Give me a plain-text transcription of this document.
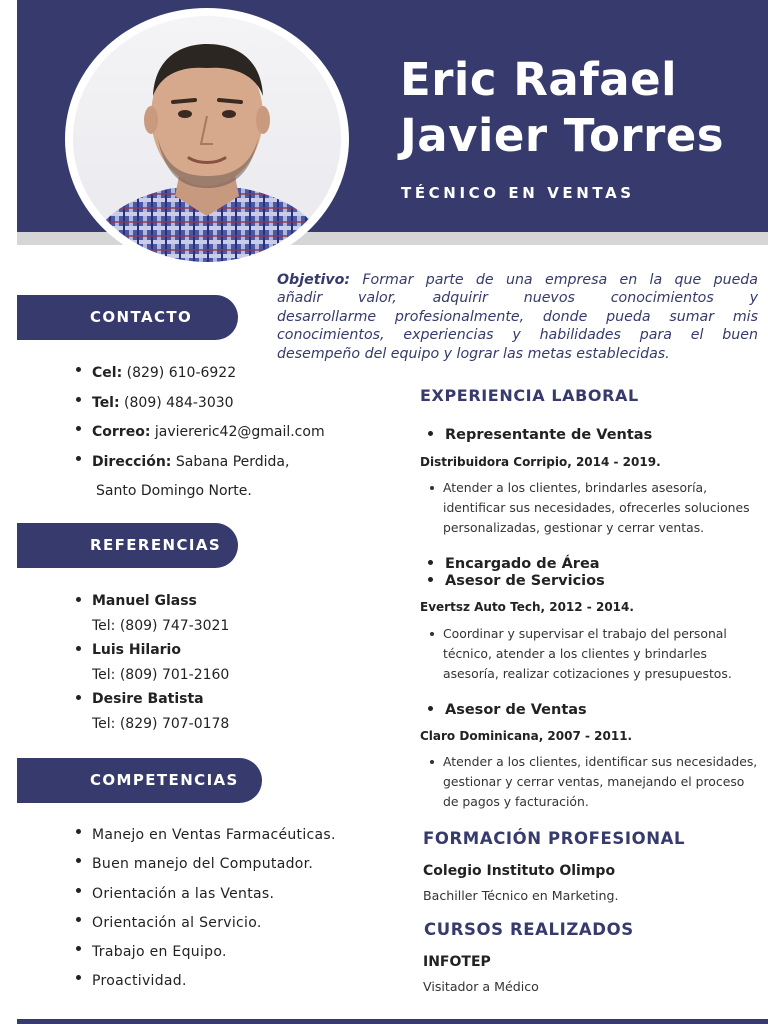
Eric Rafael
Javier Torres
TÉCNICO EN VENTAS
Objetivo: Formar parte de una empresa en la que pueda
añadir valor, adquirir nuevos conocimientos y
desarrollarme profesionalmente, donde pueda sumar mis
conocimientos, experiencias y habilidades para el buen
desempeño del equipo y lograr las metas establecidas.
CONTACTO
Cel: (829) 610-6922
Tel: (809) 484-3030
Correo: javiereric42@gmail.com
Dirección: Sabana Perdida,
Santo Domingo Norte.
REFERENCIAS
Manuel Glass
Tel: (809) 747-3021
Luis Hilario
Tel: (809) 701-2160
Desire Batista
Tel: (829) 707-0178
COMPETENCIAS
Manejo en Ventas Farmacéuticas.
Buen manejo del Computador.
Orientación a las Ventas.
Orientación al Servicio.
Trabajo en Equipo.
Proactividad.
EXPERIENCIA LABORAL
Representante de Ventas
Distribuidora Corripio, 2014 - 2019.
Atender a los clientes, brindarles asesoría,
identificar sus necesidades, ofrecerles soluciones
personalizadas, gestionar y cerrar ventas.
Encargado de Área
Asesor de Servicios
Evertsz Auto Tech, 2012 - 2014.
Coordinar y supervisar el trabajo del personal
técnico, atender a los clientes y brindarles
asesoría, realizar cotizaciones y presupuestos.
Asesor de Ventas
Claro Dominicana, 2007 - 2011.
Atender a los clientes, identificar sus necesidades,
gestionar y cerrar ventas, manejando el proceso
de pagos y facturación.
FORMACIÓN PROFESIONAL
Colegio Instituto Olimpo
Bachiller Técnico en Marketing.
CURSOS REALIZADOS
INFOTEP
Visitador a Médico
